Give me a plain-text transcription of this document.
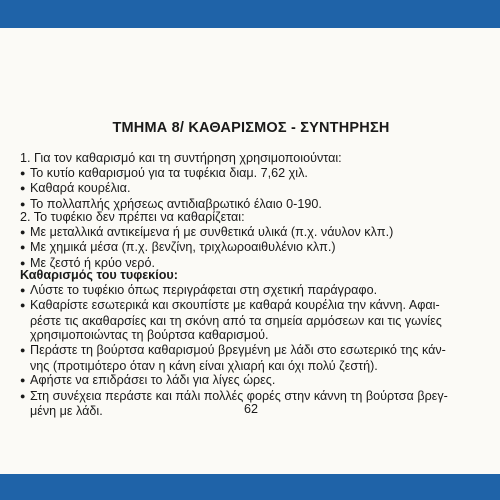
ΤΜΗΜΑ 8/ ΚΑΘΑΡΙΣΜΟΣ - ΣΥΝΤΗΡΗΣΗ
1. Για τον καθαρισμό και τη συντήρηση χρησιμοποιούνται:
●Το κυτίο καθαρισμού για τα τυφέκια διαμ. 7,62 χιλ.
●Καθαρά κουρέλια.
●Το πολλαπλής χρήσεως αντιδιαβρωτικό έλαιο 0-190.
2. Το τυφέκιο δεν πρέπει να καθαρίζεται:
●Με μεταλλικά αντικείμενα ή με συνθετικά υλικά (π.χ. νάυλον κλπ.)
●Με χημικά μέσα (π.χ. βενζίνη, τριχλωροαιθυλένιο κλπ.)
●Με ζεστό ή κρύο νερό.
Καθαρισμός του τυφεκίου:
●Λύστε το τυφέκιο όπως περιγράφεται στη σχετική παράγραφο.
●Καθαρίστε εσωτερικά και σκουπίστε με καθαρά κουρέλια την κάννη. Αφαι-
ρέστε τις ακαθαρσίες και τη σκόνη από τα σημεία αρμόσεων και τις γωνίες
χρησιμοποιώντας τη βούρτσα καθαρισμού.
●Περάστε τη βούρτσα καθαρισμού βρεγμένη με λάδι στο εσωτερικό της κάν-
νης (προτιμότερο όταν η κάνη είναι χλιαρή και όχι πολύ ζεστή).
●Αφήστε να επιδράσει το λάδι για λίγες ώρες.
●Στη συνέχεια περάστε και πάλι πολλές φορές στην κάννη τη βούρτσα βρεγ-
μένη με λάδι.	62
